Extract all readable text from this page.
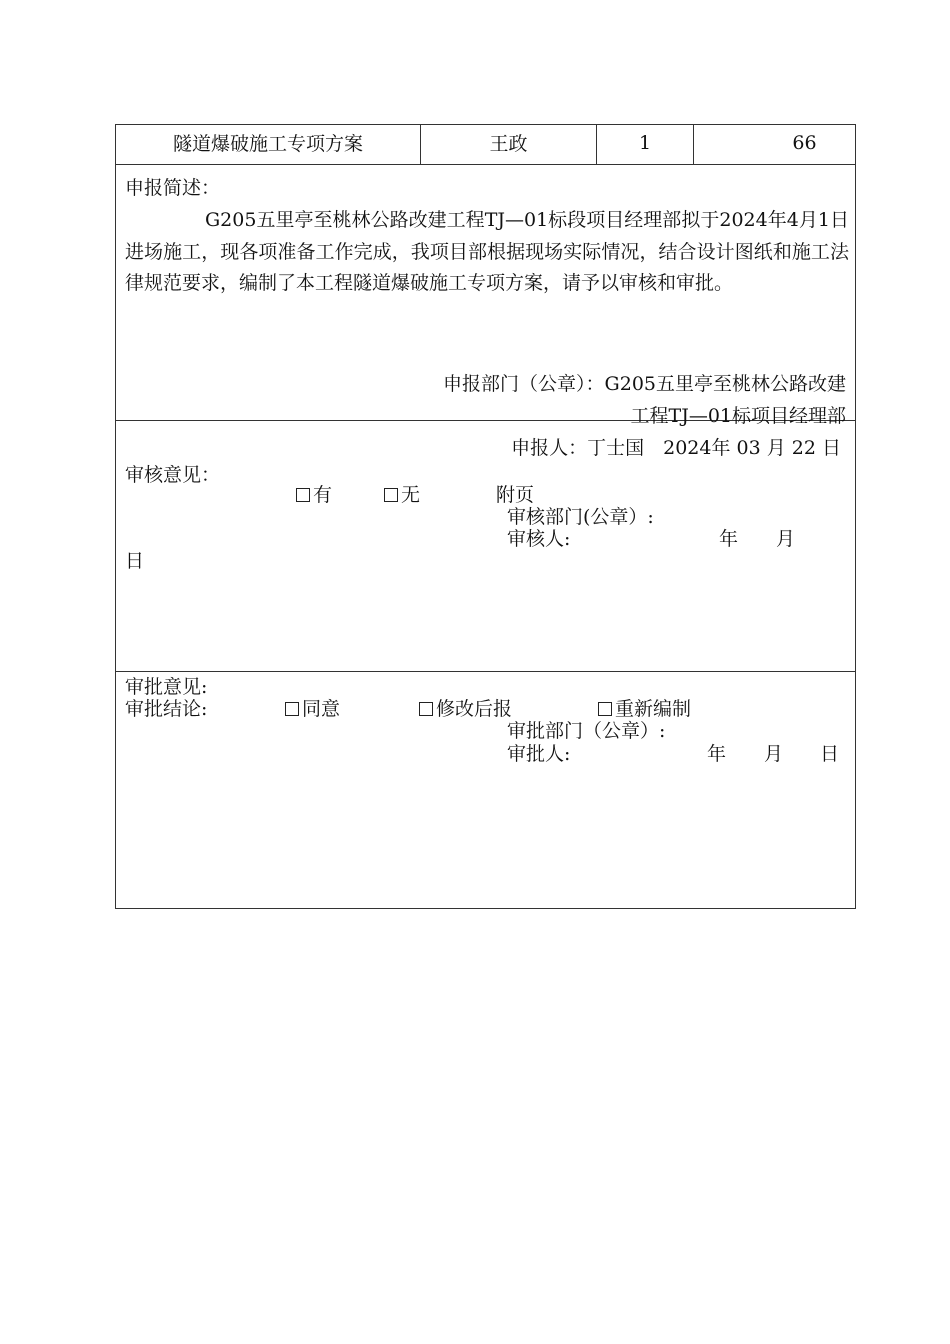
隧道爆破施工专项方案	王政	1	66
申报简述：
G205五里亭至桃林公路改建工程TJ—01标段项目经理部拟于2024年4月1日进场施工，现各项准备工作完成，我项目部根据现场实际情况，结合设计图纸和施工法律规范要求，编制了本工程隧道爆破施工专项方案，请予以审核和审批。
申报部门（公章）：G205五里亭至桃林公路改建
工程TJ—01标项目经理部
申报人：丁士国　2024年 03 月 22 日
审核意见：
有	无	附页
审核部门(公章）:
审核人:	年 月
日
审批意见:
审批结论:	同意	修改后报	重新编制
审批部门（公章）:
审批人:	年 月 日
